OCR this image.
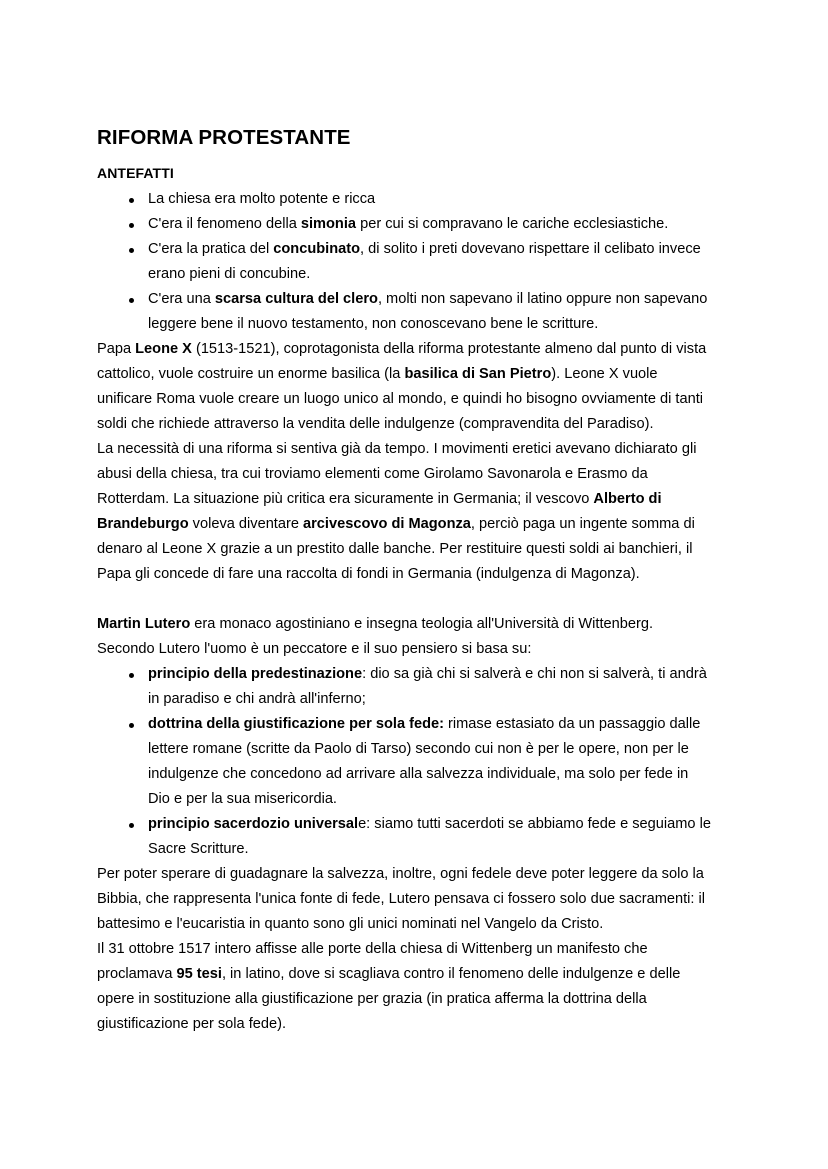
RIFORMA PROTESTANTE
ANTEFATTI
La chiesa era molto potente e ricca
C'era il fenomeno della simonia per cui si compravano le cariche ecclesiastiche.
C'era la pratica del concubinato, di solito i preti dovevano rispettare il celibato invece erano pieni di concubine.
C'era una scarsa cultura del clero, molti non sapevano il latino oppure non sapevano leggere bene il nuovo testamento, non conoscevano bene le scritture.

Papa Leone X (1513-1521), coprotagonista della riforma protestante almeno dal punto di vista cattolico, vuole costruire un enorme basilica (la basilica di San Pietro). Leone X vuole unificare Roma vuole creare un luogo unico al mondo, e quindi ho bisogno ovviamente di tanti soldi che richiede attraverso la vendita delle indulgenze (compravendita del Paradiso).

La necessità di una riforma si sentiva già da tempo. I movimenti eretici avevano dichiarato gli abusi della chiesa, tra cui troviamo elementi come Girolamo Savonarola e Erasmo da Rotterdam. La situazione più critica era sicuramente in Germania; il vescovo Alberto di Brandeburgo voleva diventare arcivescovo di Magonza, perciò paga un ingente somma di denaro al Leone X grazie a un prestito dalle banche. Per restituire questi soldi ai banchieri, il Papa gli concede di fare una raccolta di fondi in Germania (indulgenza di Magonza).

Martin Lutero era monaco agostiniano e insegna teologia all'Università di Wittenberg.

Secondo Lutero l'uomo è un peccatore e il suo pensiero si basa su:

principio della predestinazione: dio sa già chi si salverà e chi non si salverà, ti andrà in paradiso e chi andrà all'inferno;
dottrina della giustificazione per sola fede: rimase estasiato da un passaggio dalle lettere romane (scritte da Paolo di Tarso) secondo cui non è per le opere, non per le indulgenze che concedono ad arrivare alla salvezza individuale, ma solo per fede in Dio e per la sua misericordia.
principio sacerdozio universale: siamo tutti sacerdoti se abbiamo fede e seguiamo le Sacre Scritture.

Per poter sperare di guadagnare la salvezza, inoltre, ogni fedele deve poter leggere da solo la Bibbia, che rappresenta l'unica fonte di fede, Lutero pensava ci fossero solo due sacramenti: il battesimo e l'eucaristia in quanto sono gli unici nominati nel Vangelo da Cristo.

Il 31 ottobre 1517 intero affisse alle porte della chiesa di Wittenberg un manifesto che proclamava 95 tesi, in latino, dove si scagliava contro il fenomeno delle indulgenze e delle opere in sostituzione alla giustificazione per grazia (in pratica afferma la dottrina della giustificazione per sola fede).
